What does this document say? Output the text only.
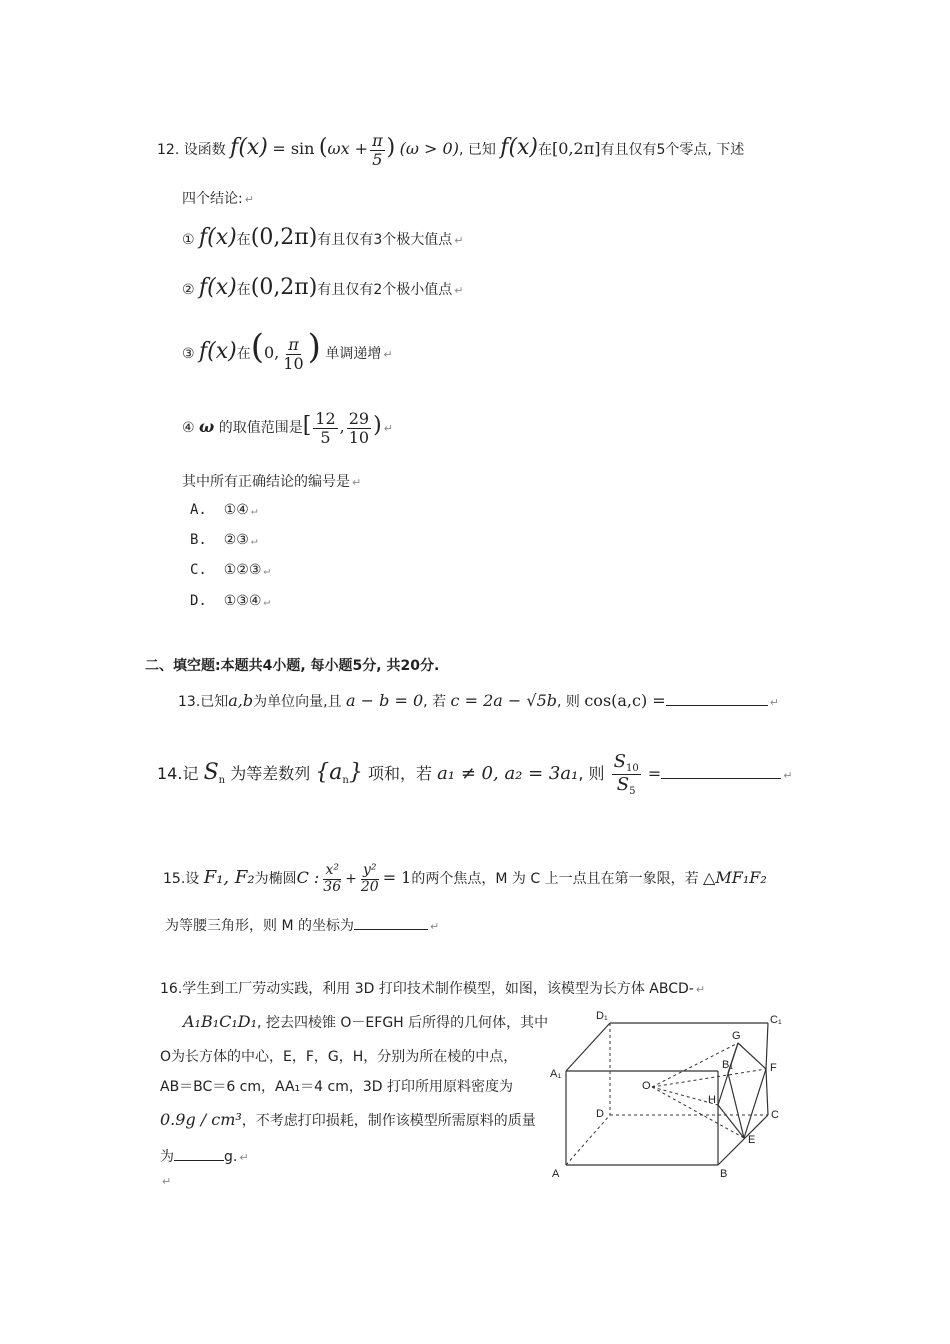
12. 设函数 $f(x) = \sin (\omega x + \frac{\pi}{5}$ ) (ω > 0), 已知 f(x)在[0,2π]有且仅有5个零点, 下述
四个结论: ↵
① f(x)在(0,2π)有且仅有3个极大值点 ↵
② f(x)在(0,2π)有且仅有2个极小值点 ↵
③ f(x)在(0, $\frac{\pi}{10}$ ) 单调递增 ↵
④ ω 的取值范围是[ $\frac{12}{5}$ , $\frac{29}{10}$ ) ↵
其中所有正确结论的编号是 ↵
A. ①④ ↵
B. ②③ ↵
C. ①②③ ↵
D. ①③④ ↵
二、填空题:本题共4小题, 每小题5分, 共20分.
13.已知a,b为单位向量,且 a − b = 0, 若 c = 2a − √5b, 则 cos(a,c) =	↵
14.记 $S_n$ 为等差数列 $\{a_n\}$ 项和，若 a₁ ≠ 0, a₂ = 3a₁, 则 $\frac{S_{10}}{S_5}$ =	↵
15.设 F₁, F₂为椭圆C : $\frac{\text{x²}}{36} + \frac{\text{y²}}{20} = 1$的两个焦点，M 为 C 上一点且在第一象限，若 △MF₁F₂
为等腰三角形，则 M 的坐标为	↵
16.学生到工厂劳动实践，利用 3D 打印技术制作模型，如图，该模型为长方体 ABCD- ↵
A₁B₁C₁D₁, 挖去四棱锥 O－EFGH 后所得的几何体，其中
O为长方体的中心，E，F，G，H，分别为所在棱的中点，
AB＝BC＝6 cm，AA₁＝4 cm，3D 打印所用原料密度为
0.9g / cm³，不考虑打印损耗，制作该模型所需原料的质量
为	g. ↵
↵
D₁	C₁
A₁
B₁
G
F
O
H
D	C
E
A	B
